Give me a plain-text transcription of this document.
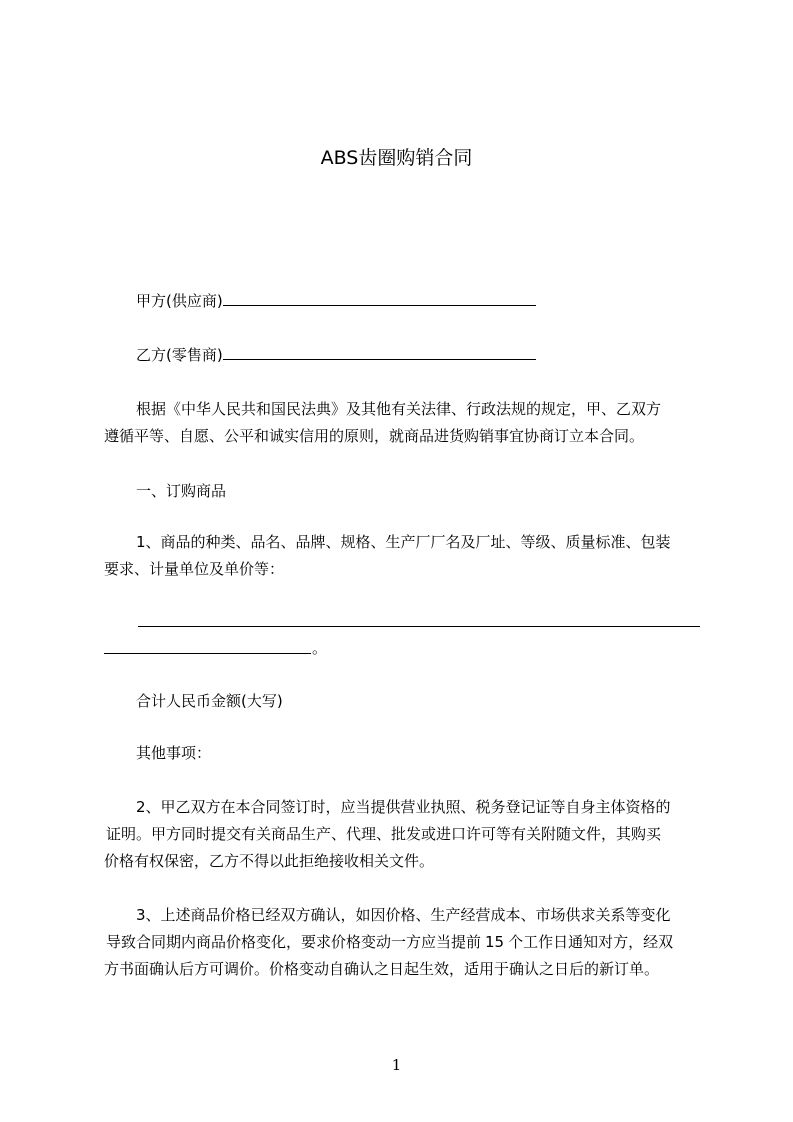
ABS齿圈购销合同
甲方(供应商)
乙方(零售商)
根据《中华人民共和国民法典》及其他有关法律、行政法规的规定，甲、乙双方
遵循平等、自愿、公平和诚实信用的原则，就商品进货购销事宜协商订立本合同。
一、订购商品
1、商品的种类、品名、品牌、规格、生产厂厂名及厂址、等级、质量标准、包装
要求、计量单位及单价等：
。
合计人民币金额(大写)
其他事项：
2、甲乙双方在本合同签订时，应当提供营业执照、税务登记证等自身主体资格的
证明。甲方同时提交有关商品生产、代理、批发或进口许可等有关附随文件，其购买
价格有权保密，乙方不得以此拒绝接收相关文件。
3、上述商品价格已经双方确认，如因价格、生产经营成本、市场供求关系等变化
导致合同期内商品价格变化，要求价格变动一方应当提前 15 个工作日通知对方，经双
方书面确认后方可调价。价格变动自确认之日起生效，适用于确认之日后的新订单。
1
